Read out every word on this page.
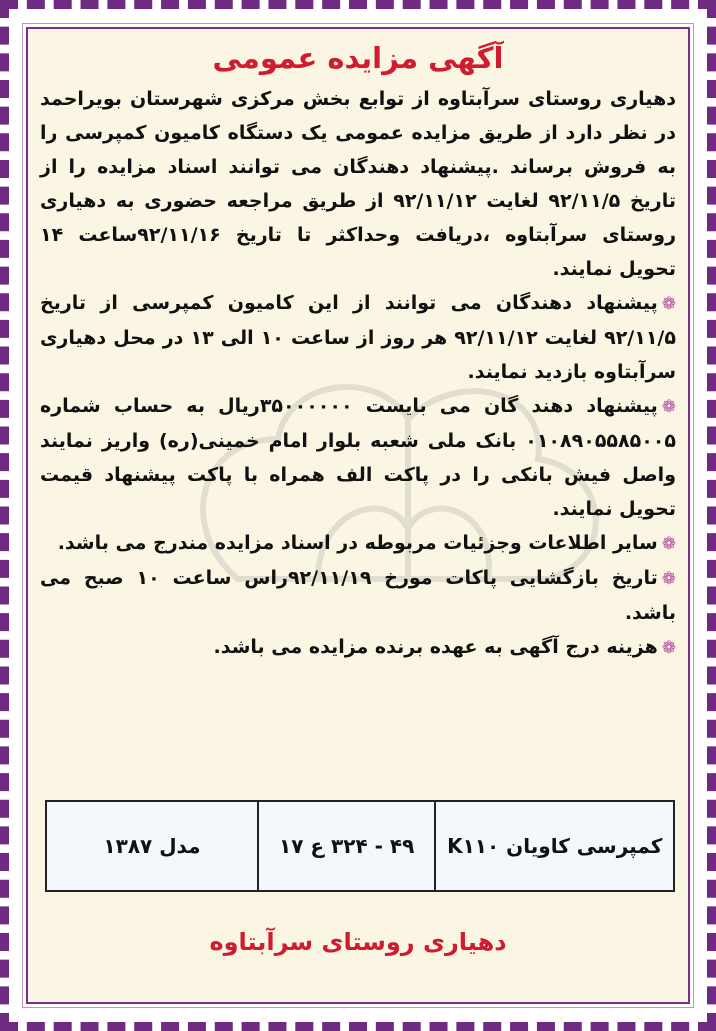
آگهی مزایده عمومی

دهیاری روستای سرآبتاوه از توابع بخش مرکزی شهرستان بویراحمد در نظر دارد از طریق مزایده عمومی یک دستگاه کامیون کمپرسی را به فروش برساند .پیشنهاد دهندگان می توانند اسناد مزایده را از تاریخ ۹۲/۱۱/۵ لغایت ۹۲/۱۱/۱۲ از طریق مراجعه حضوری به دهیاری روستای سرآبتاوه ،دریافت وحداکثر تا تاریخ ۹۲/۱۱/۱۶ساعت ۱۴ تحویل نمایند.

❁پیشنهاد دهندگان می توانند از این کامیون کمپرسی از تاریخ ۹۲/۱۱/۵ لغایت ۹۲/۱۱/۱۲ هر روز از ساعت ۱۰ الی ۱۳ در محل دهیاری سرآبتاوه بازدید نمایند.

❁پیشنهاد دهند گان می بایست ۳۵۰۰۰۰۰۰ریال به حساب شماره ۰۱۰۸۹۰۵۵۸۵۰۰۵ بانک ملی شعبه بلوار امام خمینی(ره) واریز نمایند واصل فیش بانکی را در پاکت الف همراه با پاکت پیشنهاد قیمت تحویل نمایند.

❁سایر اطلاعات وجزئیات مربوطه در اسناد مزایده مندرج می باشد.

❁تاریخ بازگشایی پاکات مورخ ۹۲/۱۱/۱۹راس ساعت ۱۰ صبح می باشد.

❁هزینه درج آگهی به عهده برنده مزایده می باشد.

کمپرسی کاویان K۱۱۰	۴۹ - ۳۲۴ ع ۱۷	مدل ۱۳۸۷
دهیاری روستای سرآبتاوه
